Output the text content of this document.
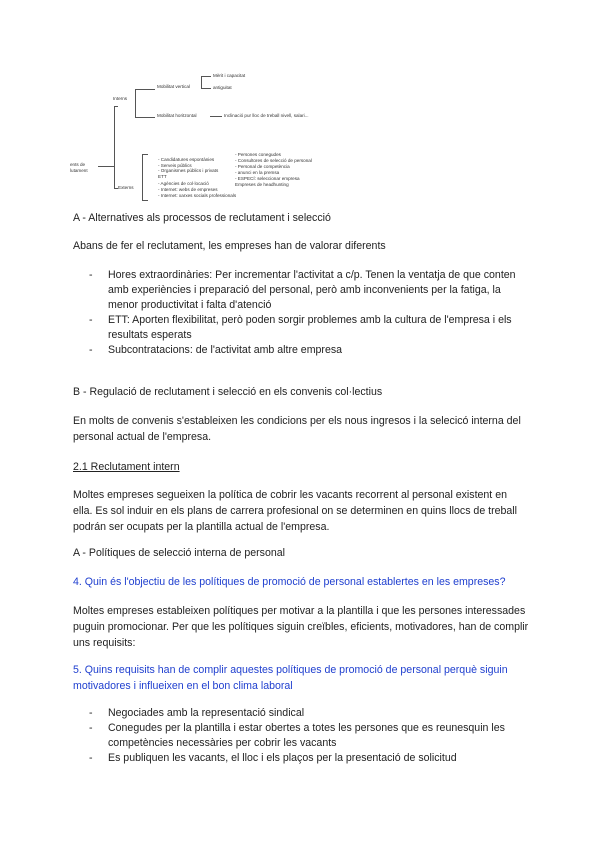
ents de
lutament
Interns
Mobilitat vertical
Mèrit i capacitat
antiguitat
Mobilitat horitzontal	Inclinació pur lloc de treball nivell, salari...
Externs
- Candidatures espontànies
- Serveis públics
- Organismes públics i privats
ETT
- Agències de col·locació
- Internet: webs de empreses
- Internet: xarxes socials professionals
- Persones conegudes
- Consultores de selecció de personal
- Personal de competència
- anunci en la premsa
- ESPECÍ: seleccionar empresa
Empreses de headhunting
A - Alternatives als processos de reclutament i selecció
Abans de fer el reclutament, les empreses han de valorar diferents
- Hores extraordinàries: Per incrementar l'activitat a c/p. Tenen la ventatja de que conten amb experiències i preparació del personal, però amb inconvenients per la fatiga, la menor productivitat i falta d'atenció
- ETT: Aporten flexibilitat, però poden sorgir problemes amb la cultura de l'empresa i els resultats esperats
- Subcontratacions: de l'activitat amb altre empresa
B - Regulació de reclutament i selecció en els convenis col·lectius
En molts de convenis s'estableixen les condicions per els nous ingresos i la selecicó interna del personal actual de l'empresa.
2.1 Reclutament intern
Moltes empreses segueixen la política de cobrir les vacants recorrent al personal existent en ella. Es sol induir en els plans de carrera profesional on se determinen en quins llocs de treball podrán ser ocupats per la plantilla actual de l'empresa.
A - Polítiques de selecció interna de personal
4. Quin és l'objectiu de les polítiques de promoció de personal establertes en les empreses?
Moltes empreses estableixen polítiques per motivar a la plantilla i que les persones interessades puguin promocionar. Per que les polítiques siguin creïbles, eficients, motivadores, han de complir uns requisits:
5. Quins requisits han de complir aquestes polítiques de promoció de personal perquè siguin motivadores i influeixen en el bon clima laboral
- Negociades amb la representació sindical
- Conegudes per la plantilla i estar obertes a totes les persones que es reunesquin les competències necessàries per cobrir les vacants
- Es publiquen les vacants, el lloc i els plaços per la presentació de solicitud
